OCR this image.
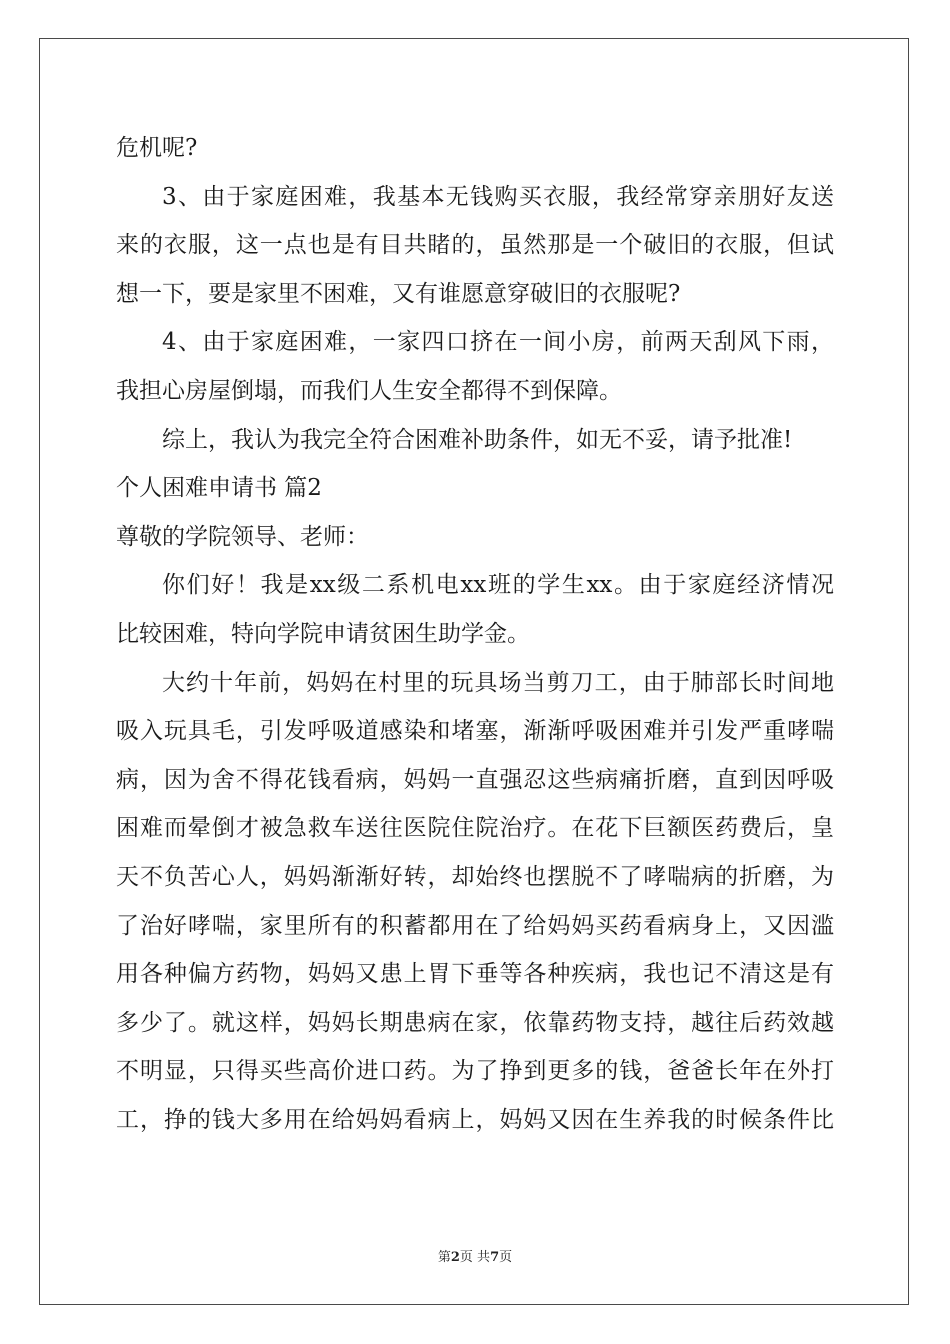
危机呢?
3、由于家庭困难，我基本无钱购买衣服，我经常穿亲朋好友送
来的衣服，这一点也是有目共睹的，虽然那是一个破旧的衣服，但试
想一下，要是家里不困难，又有谁愿意穿破旧的衣服呢?
4、由于家庭困难，一家四口挤在一间小房，前两天刮风下雨，
我担心房屋倒塌，而我们人生安全都得不到保障。
综上，我认为我完全符合困难补助条件，如无不妥，请予批准!
个人困难申请书 篇2
尊敬的学院领导、老师：
你们好！我是xx级二系机电xx班的学生xx。由于家庭经济情况
比较困难，特向学院申请贫困生助学金。
大约十年前，妈妈在村里的玩具场当剪刀工，由于肺部长时间地
吸入玩具毛，引发呼吸道感染和堵塞，渐渐呼吸困难并引发严重哮喘
病，因为舍不得花钱看病，妈妈一直强忍这些病痛折磨，直到因呼吸
困难而晕倒才被急救车送往医院住院治疗。在花下巨额医药费后，皇
天不负苦心人，妈妈渐渐好转，却始终也摆脱不了哮喘病的折磨，为
了治好哮喘，家里所有的积蓄都用在了给妈妈买药看病身上，又因滥
用各种偏方药物，妈妈又患上胃下垂等各种疾病，我也记不清这是有
多少了。就这样，妈妈长期患病在家，依靠药物支持，越往后药效越
不明显，只得买些高价进口药。为了挣到更多的钱，爸爸长年在外打
工，挣的钱大多用在给妈妈看病上，妈妈又因在生养我的时候条件比
第2页 共7页
